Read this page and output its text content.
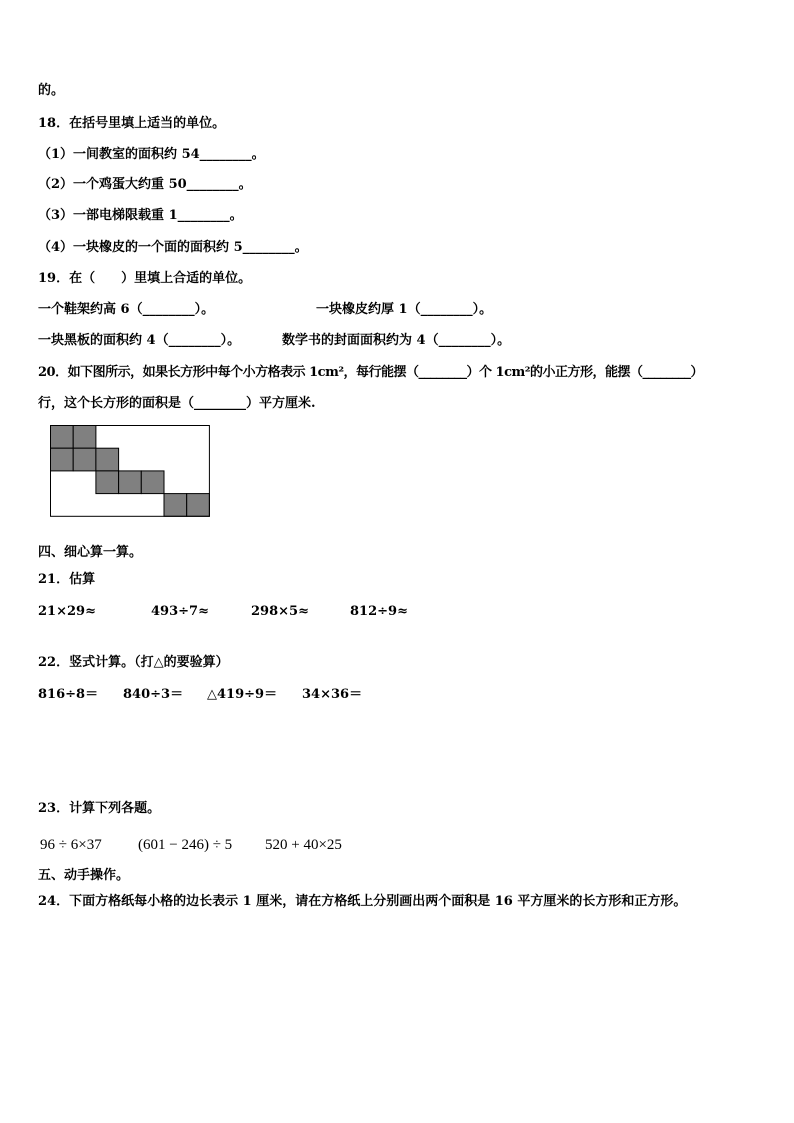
的。
18．在括号里填上适当的单位。
（1）一间教室的面积约 54________。
（2）一个鸡蛋大约重 50________。
（3）一部电梯限载重 1________。
（4）一块橡皮的一个面的面积约 5________。
19．在（　　）里填上合适的单位。
一个鞋架约高 6（________）。	一块橡皮约厚 1（________）。
一块黑板的面积约 4（________）。	数学书的封面面积约为 4（________）。
20．如下图所示，如果长方形中每个小方格表示 1cm²，每行能摆（________）个 1cm²的小正方形，能摆（________）
行，这个长方形的面积是（________）平方厘米.
四、细心算一算。
21．估算
21×29≈	493÷7≈	298×5≈	812÷9≈
22．竖式计算。（打△的要验算）
816÷8＝ 840÷3＝ △419÷9＝ 34×36＝
23．计算下列各题。
96 ÷ 6×37 (601 − 246) ÷ 5 520 + 40×25
五、动手操作。
24．下面方格纸每小格的边长表示 1 厘米，请在方格纸上分别画出两个面积是 16 平方厘米的长方形和正方形。
